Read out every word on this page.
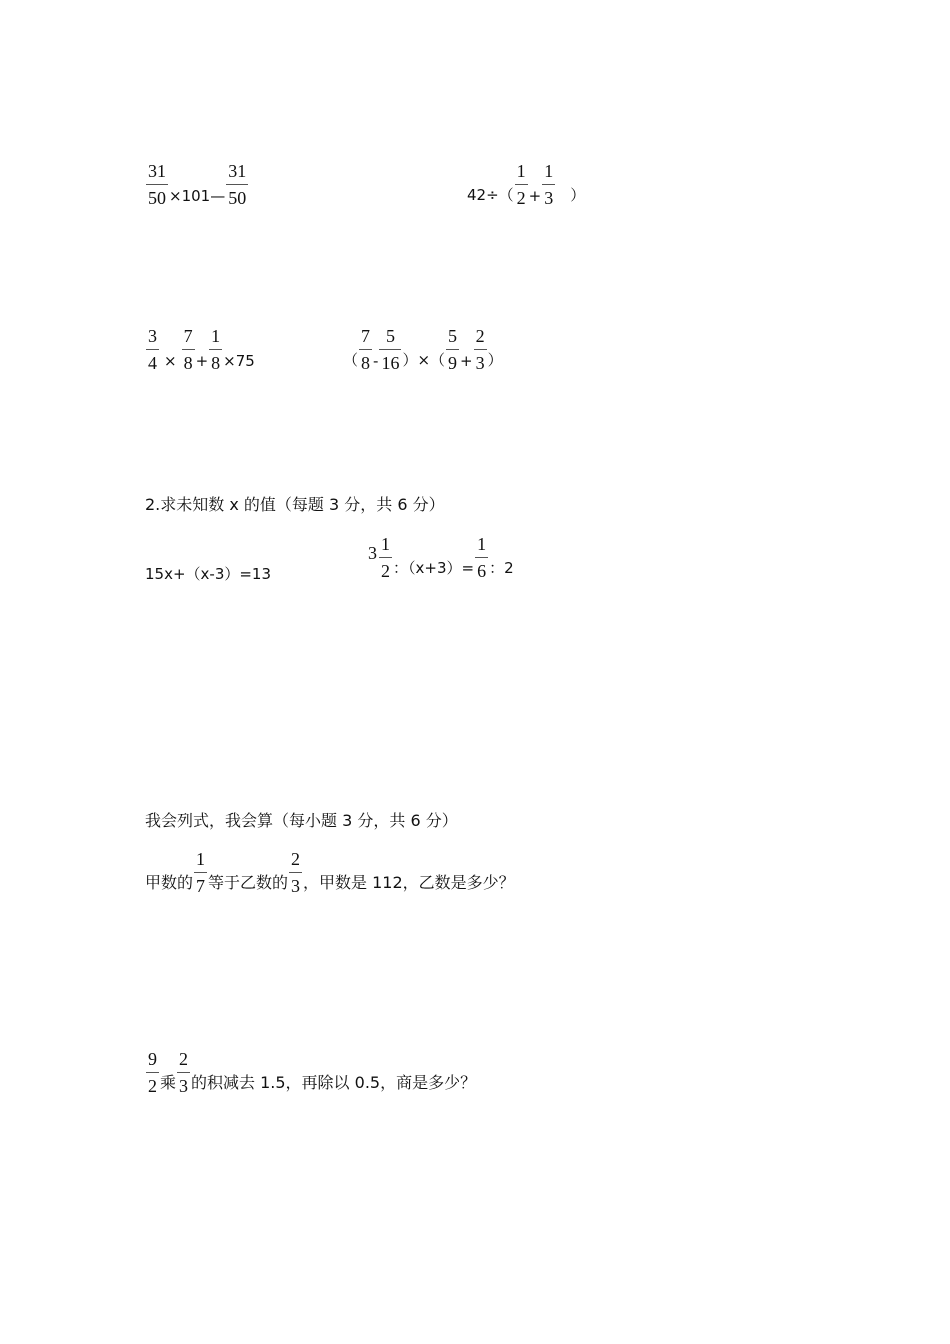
$\frac{31}{50}$ ×101— $\frac{31}{50}$	$42\div( \frac{1}{2} + \frac{1}{3}$ ）
$\frac{3}{4} \times \frac{7}{8} + \frac{1}{8} \times 75$	（ $\frac{7}{8} - \frac{5}{16}$ ）×（ $\frac{5}{9} + \frac{2}{3}$ ）
2.求未知数 x 的值（每题 3 分，共 6 分）
15x+（x-3）=13
$3 \frac{1}{2}$ ：$(x+3)= \frac{1}{6}$ ：2
我会列式，我会算（每小题 3 分，共 6 分）
甲数的 $\frac{1}{7}$ 等于乙数的 $\frac{2}{3}$ ，甲数是 112，乙数是多少？
$\frac{9}{2}$ 乘 $\frac{2}{3}$ 的积减去 1.5，再除以 0.5，商是多少？
